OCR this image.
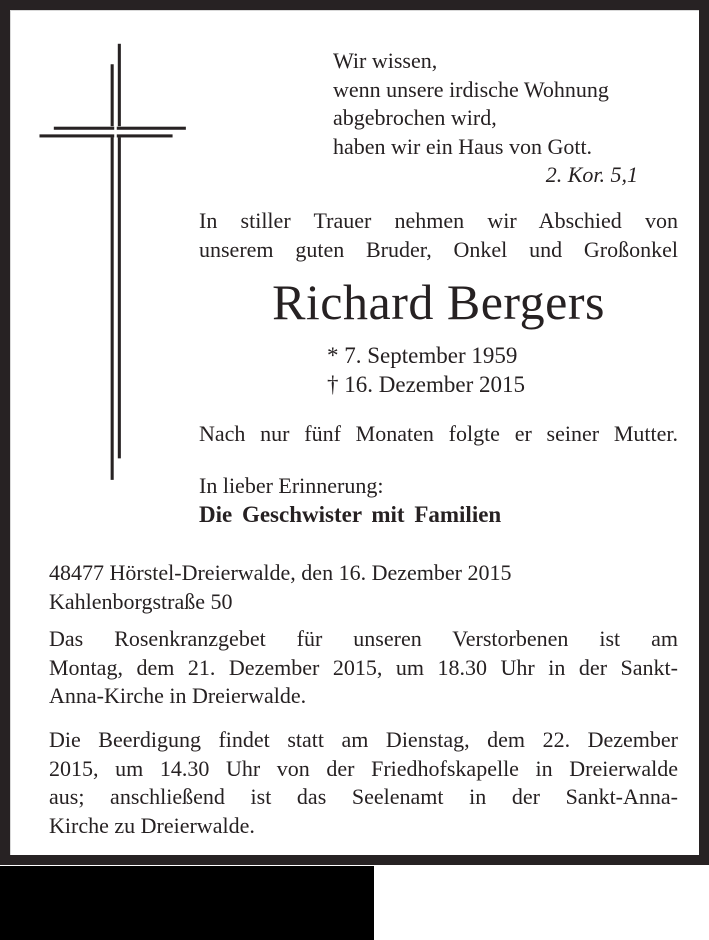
Wir wissen,
wenn unsere irdische Wohnung
abgebrochen wird,
haben wir ein Haus von Gott.
2. Kor. 5,1
In stiller Trauer nehmen wir Abschied von
unserem guten Bruder, Onkel und Großonkel
Richard Bergers
* 7. September 1959
† 16. Dezember 2015
Nach nur fünf Monaten folgte er seiner Mutter.
In lieber Erinnerung:
Die Geschwister mit Familien
48477 Hörstel-Dreierwalde, den 16. Dezember 2015
Kahlenborgstraße 50
Das Rosenkranzgebet für unseren Verstorbenen ist am
Montag, dem 21. Dezember 2015, um 18.30 Uhr in der Sankt-
Anna-Kirche in Dreierwalde.
Die Beerdigung findet statt am Dienstag, dem 22. Dezember
2015, um 14.30 Uhr von der Friedhofskapelle in Dreierwalde
aus; anschließend ist das Seelenamt in der Sankt-Anna-
Kirche zu Dreierwalde.
